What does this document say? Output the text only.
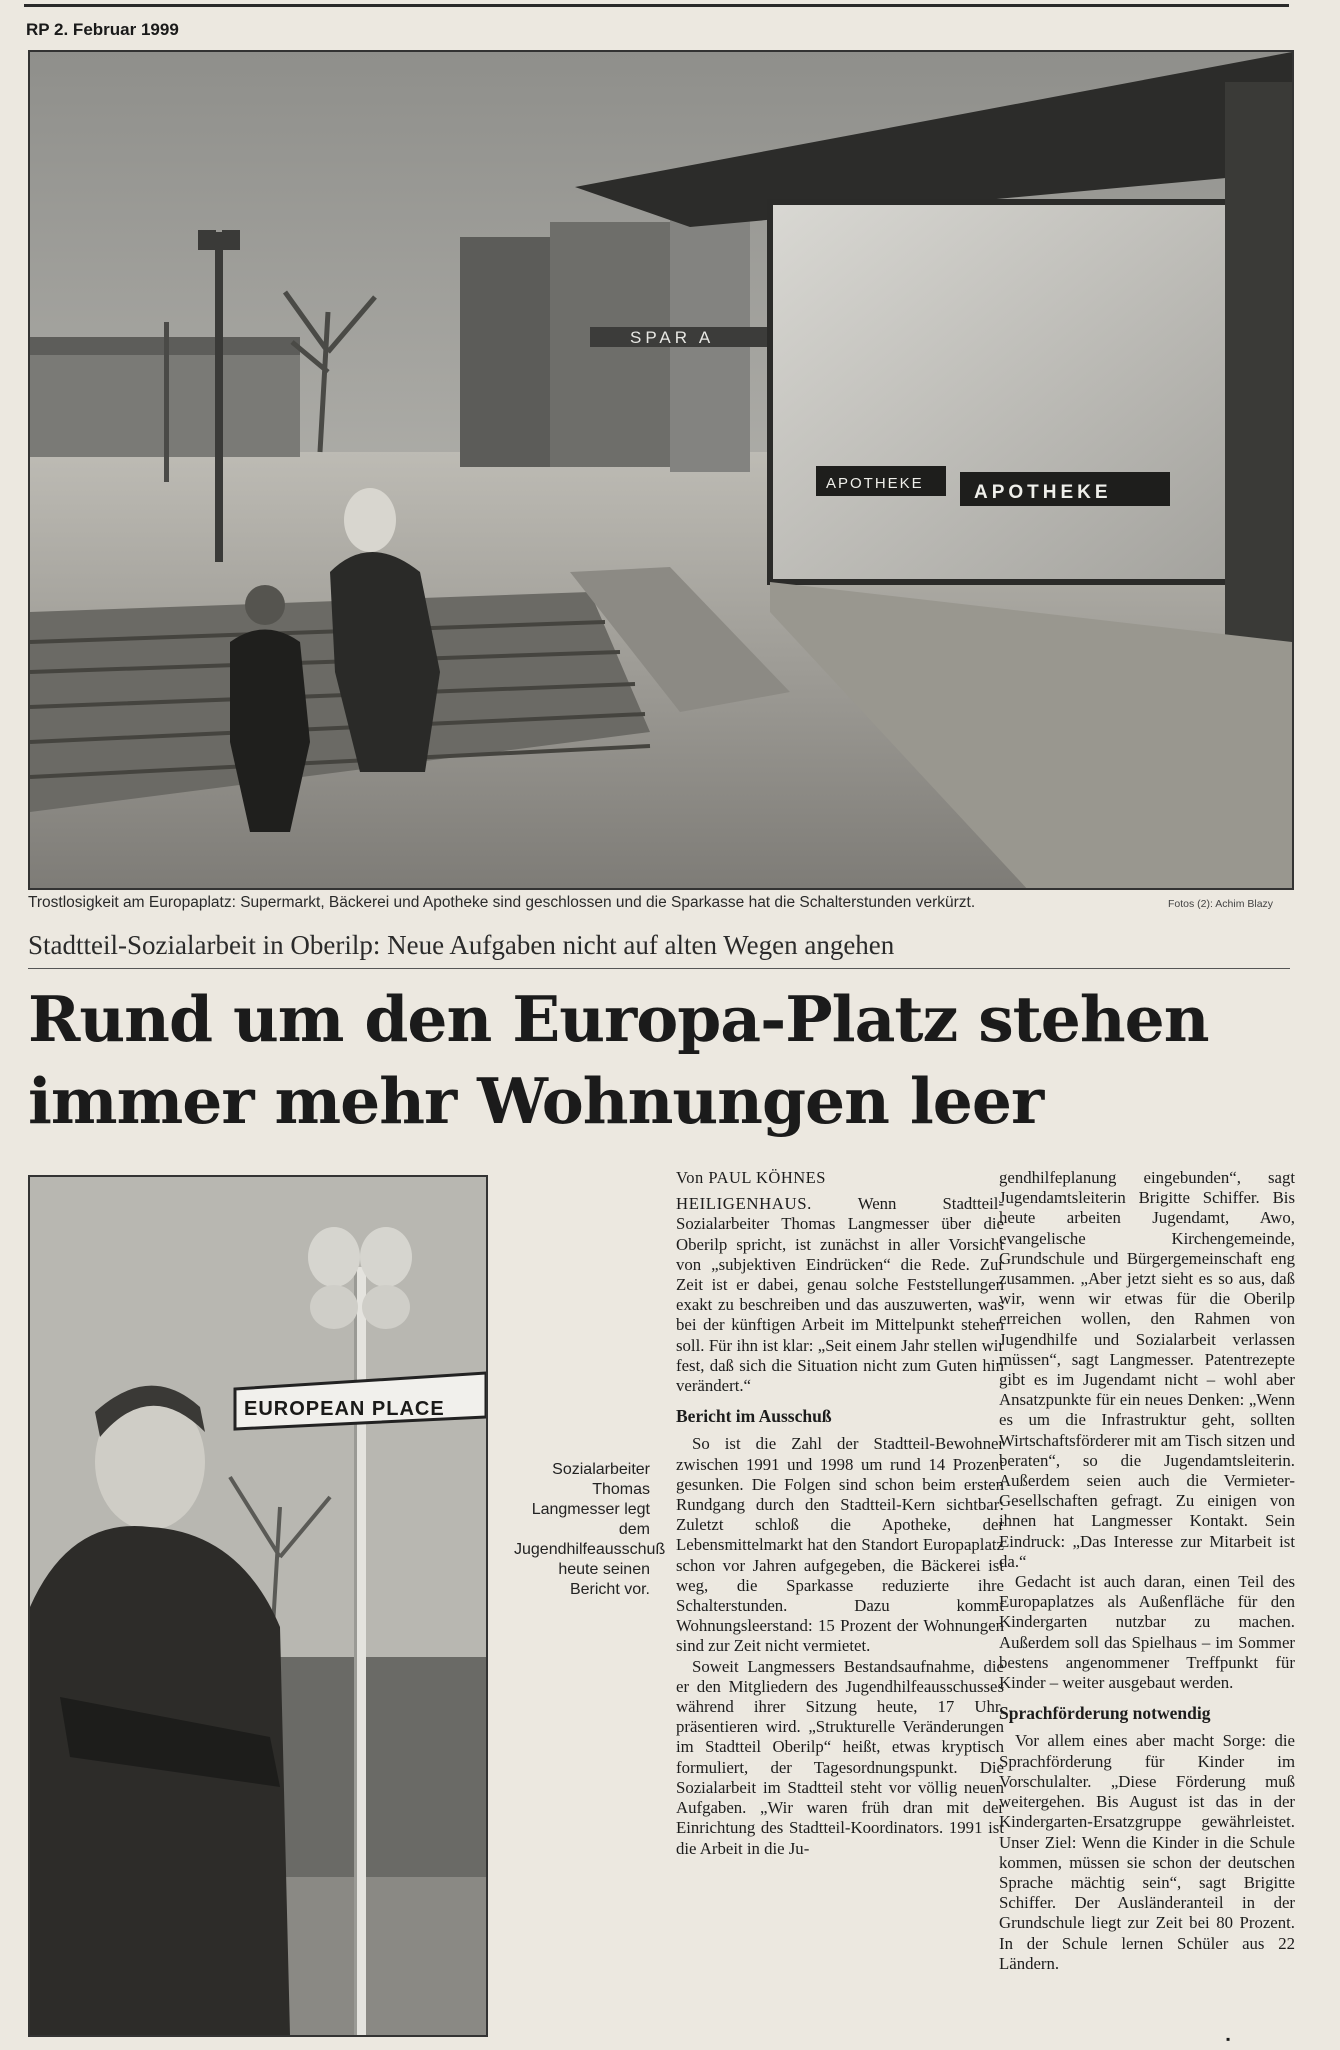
RP 2. Februar 1999
SPAR A
APOTHEKE	APOTHEKE
Trostlosigkeit am Europaplatz: Supermarkt, Bäckerei und Apotheke sind geschlossen und die Sparkasse hat die Schalterstunden verkürzt.	Fotos (2): Achim Blazy
Stadtteil-Sozialarbeit in Oberilp: Neue Aufgaben nicht auf alten Wegen angehen
Rund um den Europa-Platz stehen
immer mehr Wohnungen leer
EUROPEAN PLACE
Sozialarbeiter Thomas Langmesser legt dem Jugendhilfeausschuß heute seinen Bericht vor.

Von PAUL KÖHNES

HEILIGENHAUS. Wenn Stadtteil-Sozialarbeiter Thomas Langmesser über die Oberilp spricht, ist zunächst in aller Vorsicht von „subjektiven Eindrücken“ die Rede. Zur Zeit ist er dabei, genau solche Feststellungen exakt zu beschreiben und das auszuwerten, was bei der künftigen Arbeit im Mittelpunkt stehen soll. Für ihn ist klar: „Seit einem Jahr stellen wir fest, daß sich die Situation nicht zum Guten hin verändert.“

Bericht im Ausschuß

So ist die Zahl der Stadtteil-Bewohner zwischen 1991 und 1998 um rund 14 Prozent gesunken. Die Folgen sind schon beim ersten Rundgang durch den Stadtteil-Kern sichtbar: Zuletzt schloß die Apotheke, der Lebensmittelmarkt hat den Standort Europaplatz schon vor Jahren aufgegeben, die Bäckerei ist weg, die Sparkasse reduzierte ihre Schalterstunden. Dazu kommt Wohnungsleerstand: 15 Prozent der Wohnungen sind zur Zeit nicht vermietet.

Soweit Langmessers Bestandsaufnahme, die er den Mitgliedern des Jugendhilfeausschusses während ihrer Sitzung heute, 17 Uhr, präsentieren wird. „Strukturelle Veränderungen im Stadtteil Oberilp“ heißt, etwas kryptisch formuliert, der Tagesordnungspunkt. Die Sozialarbeit im Stadtteil steht vor völlig neuen Aufgaben. „Wir waren früh dran mit der Einrichtung des Stadtteil-Koordinators. 1991 ist die Arbeit in die Ju-

gendhilfeplanung eingebunden“, sagt Jugendamtsleiterin Brigitte Schiffer. Bis heute arbeiten Jugendamt, Awo, evangelische Kirchengemeinde, Grundschule und Bürgergemeinschaft eng zusammen. „Aber jetzt sieht es so aus, daß wir, wenn wir etwas für die Oberilp erreichen wollen, den Rahmen von Jugendhilfe und Sozialarbeit verlassen müssen“, sagt Langmesser. Patentrezepte gibt es im Jugendamt nicht – wohl aber Ansatzpunkte für ein neues Denken: „Wenn es um die Infrastruktur geht, sollten Wirtschaftsförderer mit am Tisch sitzen und beraten“, so die Jugendamtsleiterin. Außerdem seien auch die Vermieter-Gesellschaften gefragt. Zu einigen von ihnen hat Langmesser Kontakt. Sein Eindruck: „Das Interesse zur Mitarbeit ist da.“

Gedacht ist auch daran, einen Teil des Europaplatzes als Außenfläche für den Kindergarten nutzbar zu machen. Außerdem soll das Spielhaus – im Sommer bestens angenommener Treffpunkt für Kinder – weiter ausgebaut werden.

Sprachförderung notwendig

Vor allem eines aber macht Sorge: die Sprachförderung für Kinder im Vorschulalter. „Diese Förderung muß weitergehen. Bis August ist das in der Kindergarten-Ersatzgruppe gewährleistet. Unser Ziel: Wenn die Kinder in die Schule kommen, müssen sie schon der deutschen Sprache mächtig sein“, sagt Brigitte Schiffer. Der Ausländeranteil in der Grundschule liegt zur Zeit bei 80 Prozent. In der Schule lernen Schüler aus 22 Ländern.

▪
